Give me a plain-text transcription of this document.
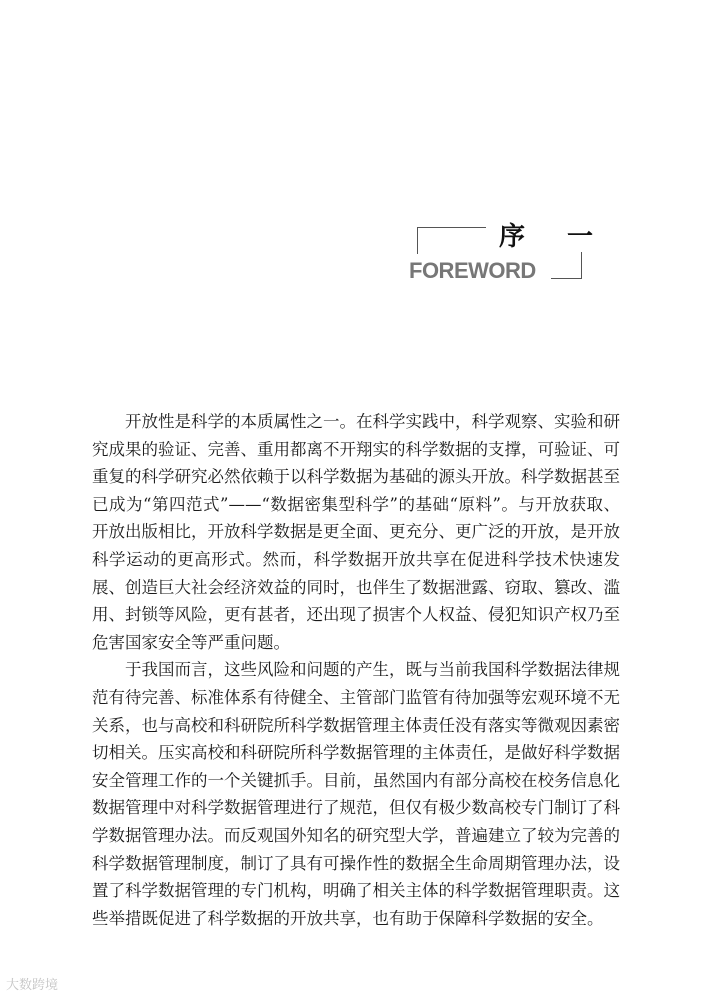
序一
FOREWORD

开放性是科学的本质属性之一。在科学实践中，科学观察、实验和研究成果的验证、完善、重用都离不开翔实的科学数据的支撑，可验证、可重复的科学研究必然依赖于以科学数据为基础的源头开放。科学数据甚至已成为“第四范式”——“数据密集型科学”的基础“原料”。与开放获取、开放出版相比，开放科学数据是更全面、更充分、更广泛的开放，是开放科学运动的更高形式。然而，科学数据开放共享在促进科学技术快速发展、创造巨大社会经济效益的同时，也伴生了数据泄露、窃取、篡改、滥用、封锁等风险，更有甚者，还出现了损害个人权益、侵犯知识产权乃至危害国家安全等严重问题。

于我国而言，这些风险和问题的产生，既与当前我国科学数据法律规范有待完善、标准体系有待健全、主管部门监管有待加强等宏观环境不无关系，也与高校和科研院所科学数据管理主体责任没有落实等微观因素密切相关。压实高校和科研院所科学数据管理的主体责任，是做好科学数据安全管理工作的一个关键抓手。目前，虽然国内有部分高校在校务信息化数据管理中对科学数据管理进行了规范，但仅有极少数高校专门制订了科学数据管理办法。而反观国外知名的研究型大学，普遍建立了较为完善的科学数据管理制度，制订了具有可操作性的数据全生命周期管理办法，设置了科学数据管理的专门机构，明确了相关主体的科学数据管理职责。这些举措既促进了科学数据的开放共享，也有助于保障科学数据的安全。

大数跨境
